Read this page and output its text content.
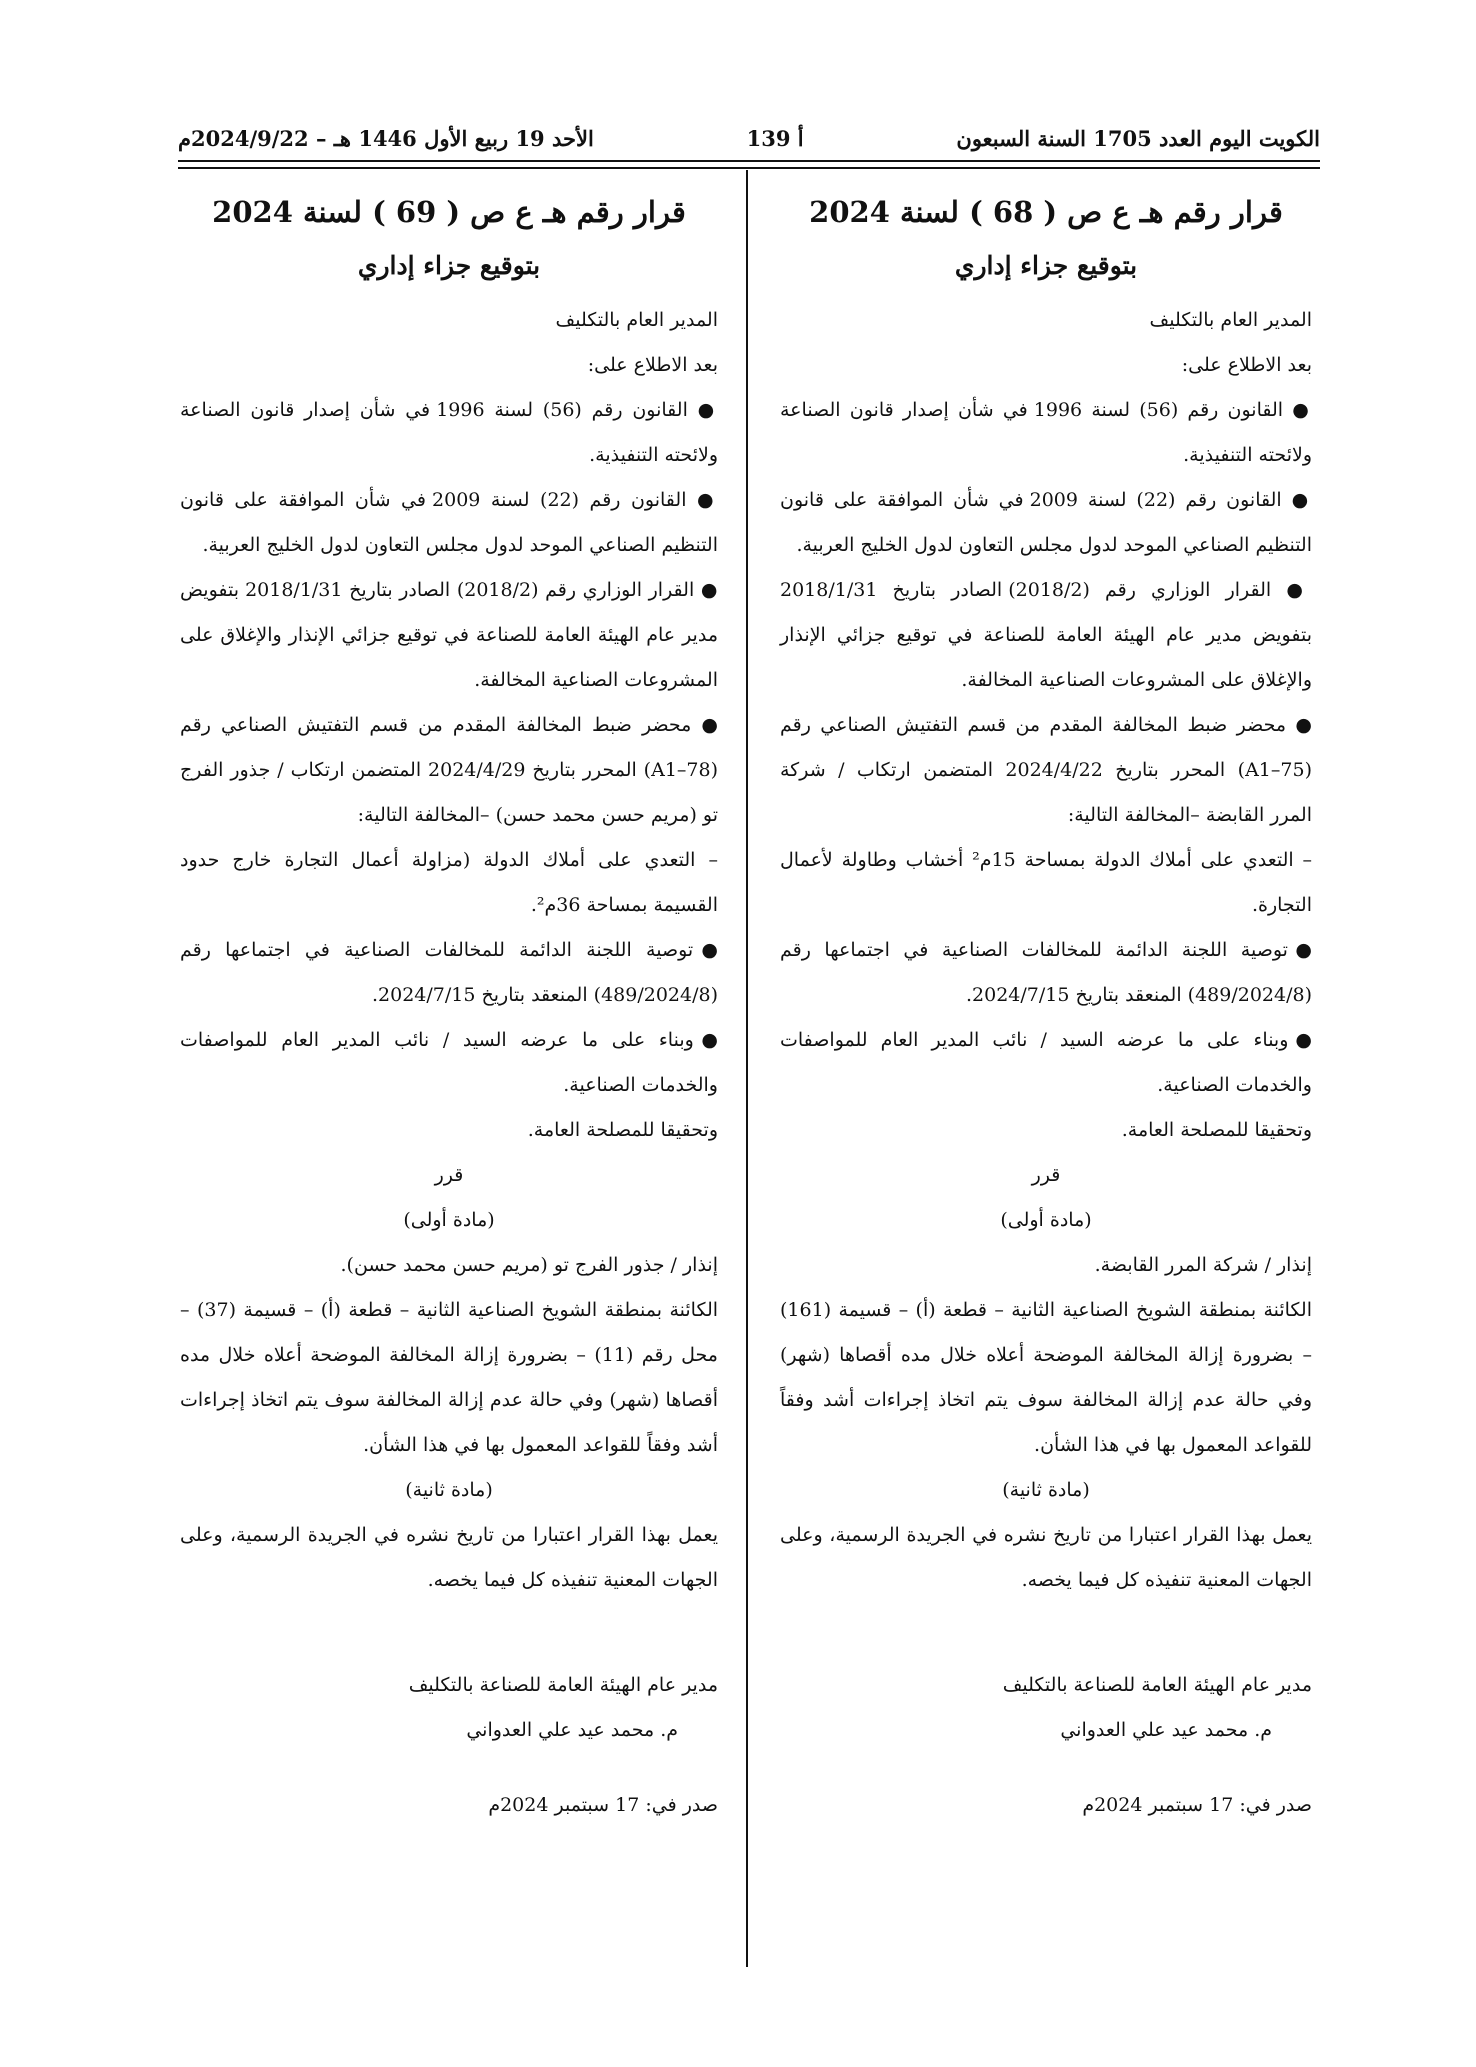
الكويت اليوم العدد 1705 السنة السبعون
أ 139
الأحد 19 ربيع الأول 1446 هـ – 2024/9/22م

قرار رقم هـ ع ص ( 68 ) لسنة 2024

بتوقيع جزاء إداري

المدير العام بالتكليف

بعد الاطلاع على:

● القانون رقم (56) لسنة 1996 في شأن إصدار قانون الصناعة ولائحته التنفيذية.

● القانون رقم (22) لسنة 2009 في شأن الموافقة على قانون التنظيم الصناعي الموحد لدول مجلس التعاون لدول الخليج العربية.

● القرار الوزاري رقم (2018/2) الصادر بتاريخ 2018/1/31 بتفويض مدير عام الهيئة العامة للصناعة في توقيع جزائي الإنذار والإغلاق على المشروعات الصناعية المخالفة.

● محضر ضبط المخالفة المقدم من قسم التفتيش الصناعي رقم (A1–75) المحرر بتاريخ 2024/4/22 المتضمن ارتكاب / شركة المرر القابضة –المخالفة التالية:

– التعدي على أملاك الدولة بمساحة 15م² أخشاب وطاولة لأعمال التجارة.

●توصية اللجنة الدائمة للمخالفات الصناعية في اجتماعها رقم (489/2024/8) المنعقد بتاريخ 2024/7/15.

●وبناء على ما عرضه السيد / نائب المدير العام للمواصفات والخدمات الصناعية.

وتحقيقا للمصلحة العامة.

قرر

(مادة أولى)

إنذار / شركة المرر القابضة.

الكائنة بمنطقة الشويخ الصناعية الثانية – قطعة (أ) – قسيمة (161) – بضرورة إزالة المخالفة الموضحة أعلاه خلال مده أقصاها (شهر) وفي حالة عدم إزالة المخالفة سوف يتم اتخاذ إجراءات أشد وفقاً للقواعد المعمول بها في هذا الشأن.

(مادة ثانية)

يعمل بهذا القرار اعتبارا من تاريخ نشره في الجريدة الرسمية، وعلى الجهات المعنية تنفيذه كل فيما يخصه.

مدير عام الهيئة العامة للصناعة بالتكليف

م. محمد عيد علي العدواني

صدر في: 17 سبتمبر 2024م

قرار رقم هـ ع ص ( 69 ) لسنة 2024

بتوقيع جزاء إداري

المدير العام بالتكليف

بعد الاطلاع على:

● القانون رقم (56) لسنة 1996 في شأن إصدار قانون الصناعة ولائحته التنفيذية.

● القانون رقم (22) لسنة 2009 في شأن الموافقة على قانون التنظيم الصناعي الموحد لدول مجلس التعاون لدول الخليج العربية.

● القرار الوزاري رقم (2018/2) الصادر بتاريخ 2018/1/31 بتفويض مدير عام الهيئة العامة للصناعة في توقيع جزائي الإنذار والإغلاق على المشروعات الصناعية المخالفة.

● محضر ضبط المخالفة المقدم من قسم التفتيش الصناعي رقم (A1–78) المحرر بتاريخ 2024/4/29 المتضمن ارتكاب / جذور الفرج تو (مريم حسن محمد حسن) –المخالفة التالية:

– التعدي على أملاك الدولة (مزاولة أعمال التجارة خارج حدود القسيمة بمساحة 36م².

●توصية اللجنة الدائمة للمخالفات الصناعية في اجتماعها رقم (489/2024/8) المنعقد بتاريخ 2024/7/15.

●وبناء على ما عرضه السيد / نائب المدير العام للمواصفات والخدمات الصناعية.

وتحقيقا للمصلحة العامة.

قرر

(مادة أولى)

إنذار / جذور الفرج تو (مريم حسن محمد حسن).

الكائنة بمنطقة الشويخ الصناعية الثانية – قطعة (أ) – قسيمة (37) – محل رقم (11) – بضرورة إزالة المخالفة الموضحة أعلاه خلال مده أقصاها (شهر) وفي حالة عدم إزالة المخالفة سوف يتم اتخاذ إجراءات أشد وفقاً للقواعد المعمول بها في هذا الشأن.

(مادة ثانية)

يعمل بهذا القرار اعتبارا من تاريخ نشره في الجريدة الرسمية، وعلى الجهات المعنية تنفيذه كل فيما يخصه.

مدير عام الهيئة العامة للصناعة بالتكليف

م. محمد عيد علي العدواني

صدر في: 17 سبتمبر 2024م
